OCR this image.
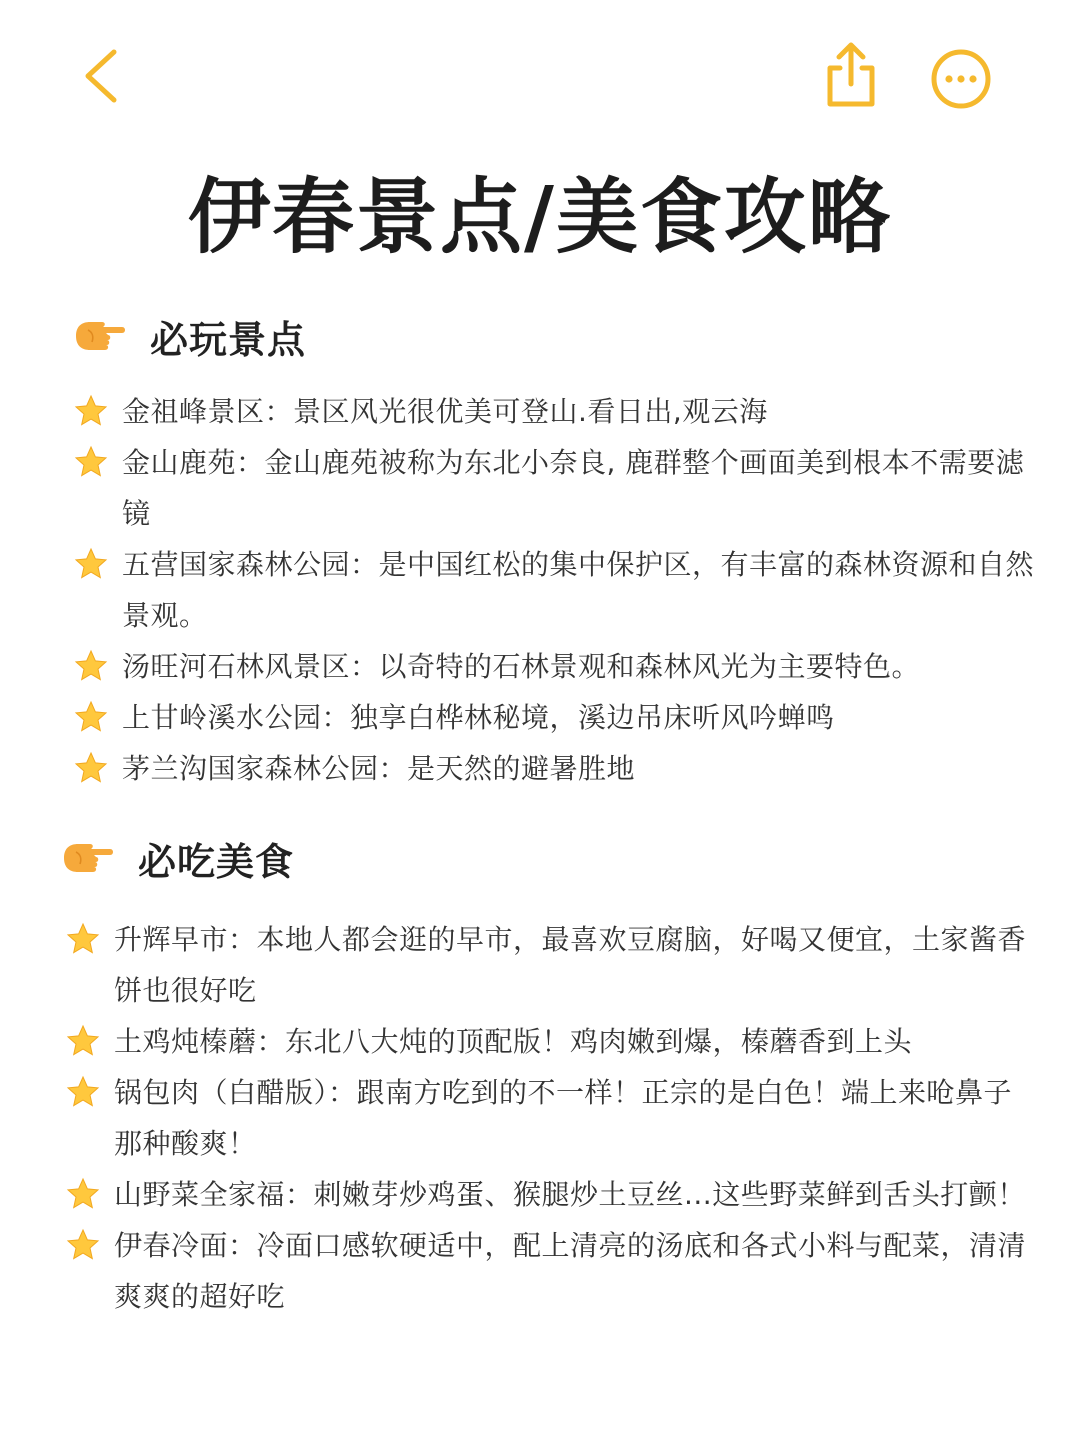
伊春景点/美食攻略
必玩景点
金祖峰景区：景区风光很优美可登山.看日出,观云海
金山鹿苑：金山鹿苑被称为东北小奈良, 鹿群整个画面美到根本不需要滤镜
五营国家森林公园：是中国红松的集中保护区，有丰富的森林资源和自然景观。
汤旺河石林风景区：以奇特的石林景观和森林风光为主要特色。
上甘岭溪水公园：独享白桦林秘境，溪边吊床听风吟蝉鸣
茅兰沟国家森林公园：是天然的避暑胜地
必吃美食
升辉早市：本地人都会逛的早市，最喜欢豆腐脑，好喝又便宜，土家酱香饼也很好吃
土鸡炖榛蘑：东北八大炖的顶配版！鸡肉嫩到爆，榛蘑香到上头
锅包肉（白醋版）：跟南方吃到的不一样！正宗的是白色！端上来呛鼻子那种酸爽！
山野菜全家福：刺嫩芽炒鸡蛋、猴腿炒土豆丝...这些野菜鲜到舌头打颤！
伊春冷面：冷面口感软硬适中，配上清亮的汤底和各式小料与配菜，清清爽爽的超好吃
